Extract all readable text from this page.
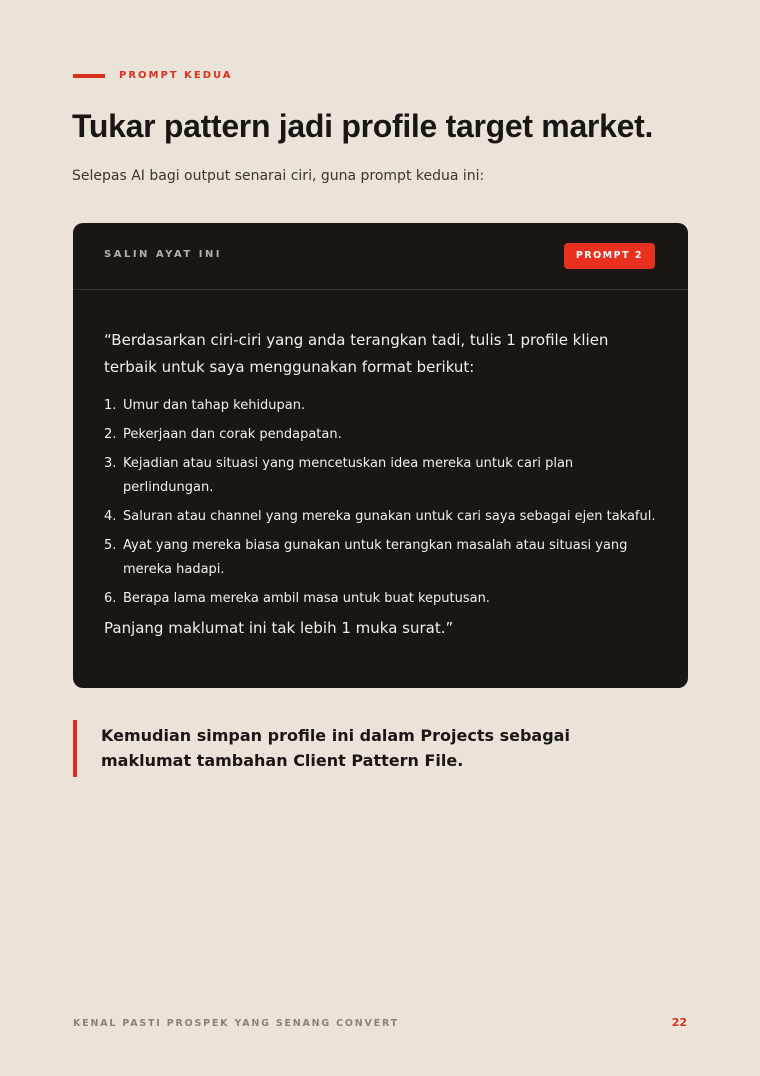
PROMPT KEDUA
Tukar pattern jadi profile target market.

Selepas AI bagi output senarai ciri, guna prompt kedua ini:

SALIN AYAT INI	PROMPT 2

“Berdasarkan ciri-ciri yang anda terangkan tadi, tulis 1 profile klien terbaik untuk saya menggunakan format berikut:

1. Umur dan tahap kehidupan.
2. Pekerjaan dan corak pendapatan.
3. Kejadian atau situasi yang mencetuskan idea mereka untuk cari plan perlindungan.
4. Saluran atau channel yang mereka gunakan untuk cari saya sebagai ejen takaful.
5. Ayat yang mereka biasa gunakan untuk terangkan masalah atau situasi yang mereka hadapi.
6. Berapa lama mereka ambil masa untuk buat keputusan.

Panjang maklumat ini tak lebih 1 muka surat.”

Kemudian simpan profile ini dalam Projects sebagai maklumat tambahan Client Pattern File.

KENAL PASTI PROSPEK YANG SENANG CONVERT	22
